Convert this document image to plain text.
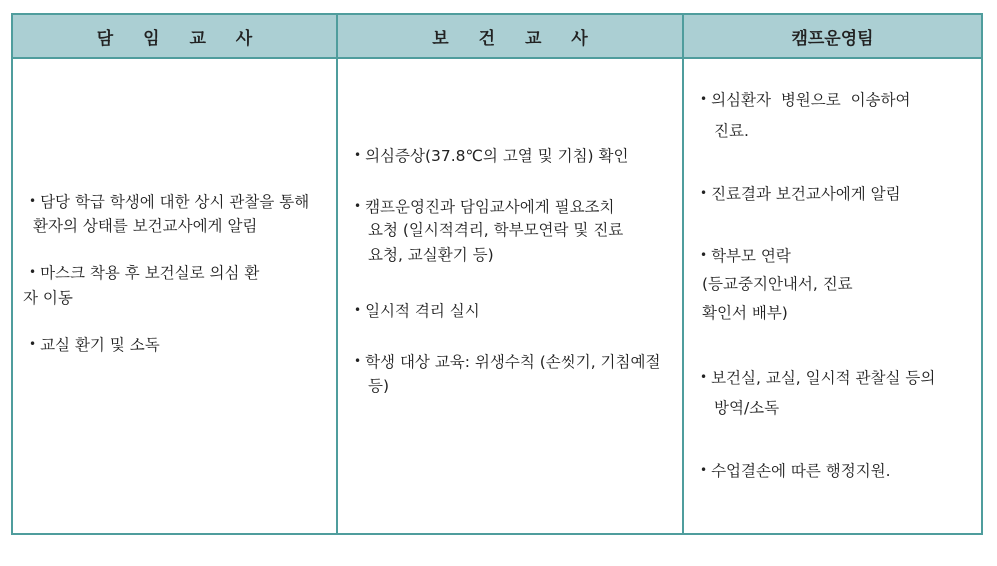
담 임 교 사	보 건 교 사	캠프운영팀
• 담당 학급 학생에 대한 상시 관찰을 통해
환자의 상태를 보건교사에게 알림
• 마스크 착용 후 보건실로 의심 환
자 이동
• 교실 환기 및 소독
• 의심증상(37.8℃의 고열 및 기침) 확인
• 캠프운영진과 담임교사에게 필요조치
요청 (일시적격리, 학부모연락 및 진료
요청, 교실환기 등)
• 일시적 격리 실시
• 학생 대상 교육: 위생수칙 (손씻기, 기침예절
등)
• 의심환자  병원으로  이송하여
진료.
• 진료결과 보건교사에게 알림
• 학부모 연락
(등교중지안내서, 진료
확인서 배부)
• 보건실, 교실, 일시적 관찰실 등의
방역/소독
• 수업결손에 따른 행정지원.
